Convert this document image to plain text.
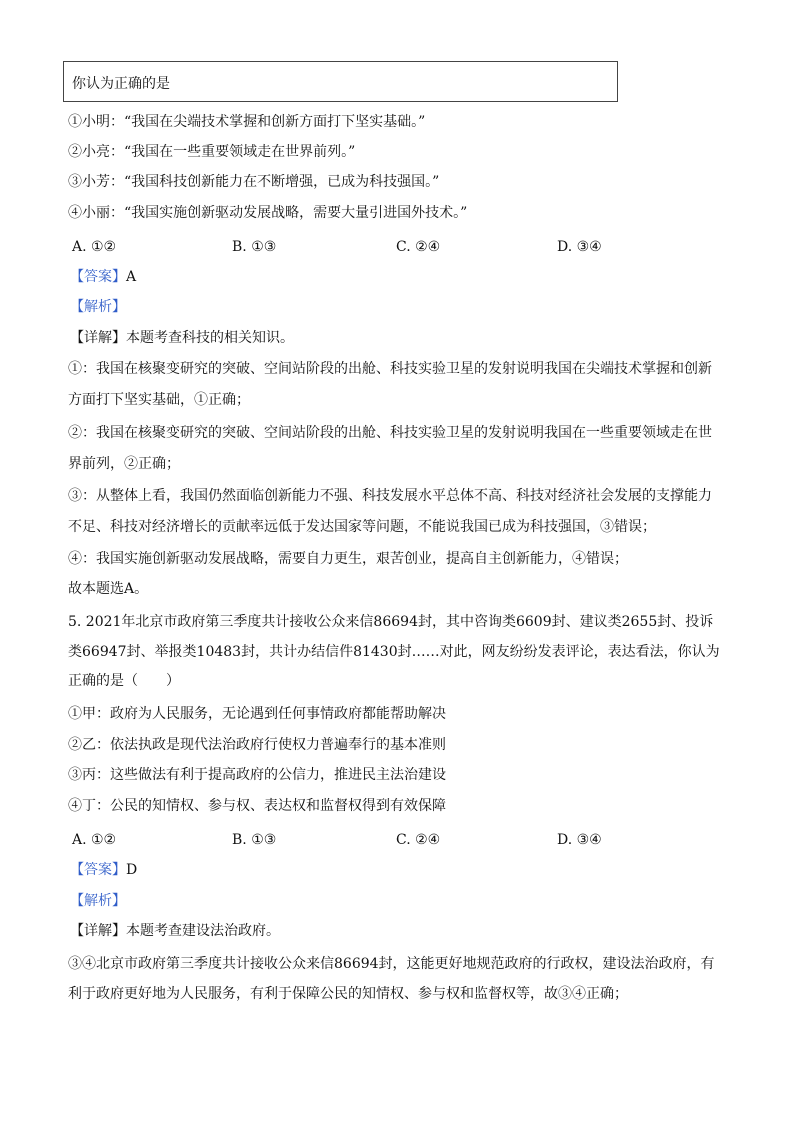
你认为正确的是
①小明：“我国在尖端技术掌握和创新方面打下坚实基础。”
②小亮：“我国在一些重要领域走在世界前列。”
③小芳：“我国科技创新能力在不断增强，已成为科技强国。”
④小丽：“我国实施创新驱动发展战略，需要大量引进国外技术。”
A. ①②	B. ①③	C. ②④	D. ③④
【答案】A
【解析】
【详解】本题考查科技的相关知识。
①：我国在核聚变研究的突破、空间站阶段的出舱、科技实验卫星的发射说明我国在尖端技术掌握和创新
方面打下坚实基础，①正确；
②：我国在核聚变研究的突破、空间站阶段的出舱、科技实验卫星的发射说明我国在一些重要领域走在世
界前列，②正确；
③：从整体上看，我国仍然面临创新能力不强、科技发展水平总体不高、科技对经济社会发展的支撑能力
不足、科技对经济增长的贡献率远低于发达国家等问题，不能说我国已成为科技强国，③错误；
④：我国实施创新驱动发展战略，需要自力更生，艰苦创业，提高自主创新能力，④错误；
故本题选A。
5. 2021年北京市政府第三季度共计接收公众来信86694封，其中咨询类6609封、建议类2655封、投诉
类66947封、举报类10483封，共计办结信件81430封……对此，网友纷纷发表评论，表达看法，你认为
正确的是（　　）
①甲：政府为人民服务，无论遇到任何事情政府都能帮助解决
②乙：依法执政是现代法治政府行使权力普遍奉行的基本准则
③丙：这些做法有利于提高政府的公信力，推进民主法治建设
④丁：公民的知情权、参与权、表达权和监督权得到有效保障
A. ①②	B. ①③	C. ②④	D. ③④
【答案】D
【解析】
【详解】本题考查建设法治政府。
③④北京市政府第三季度共计接收公众来信86694封，这能更好地规范政府的行政权，建设法治政府，有
利于政府更好地为人民服务，有利于保障公民的知情权、参与权和监督权等，故③④正确；
